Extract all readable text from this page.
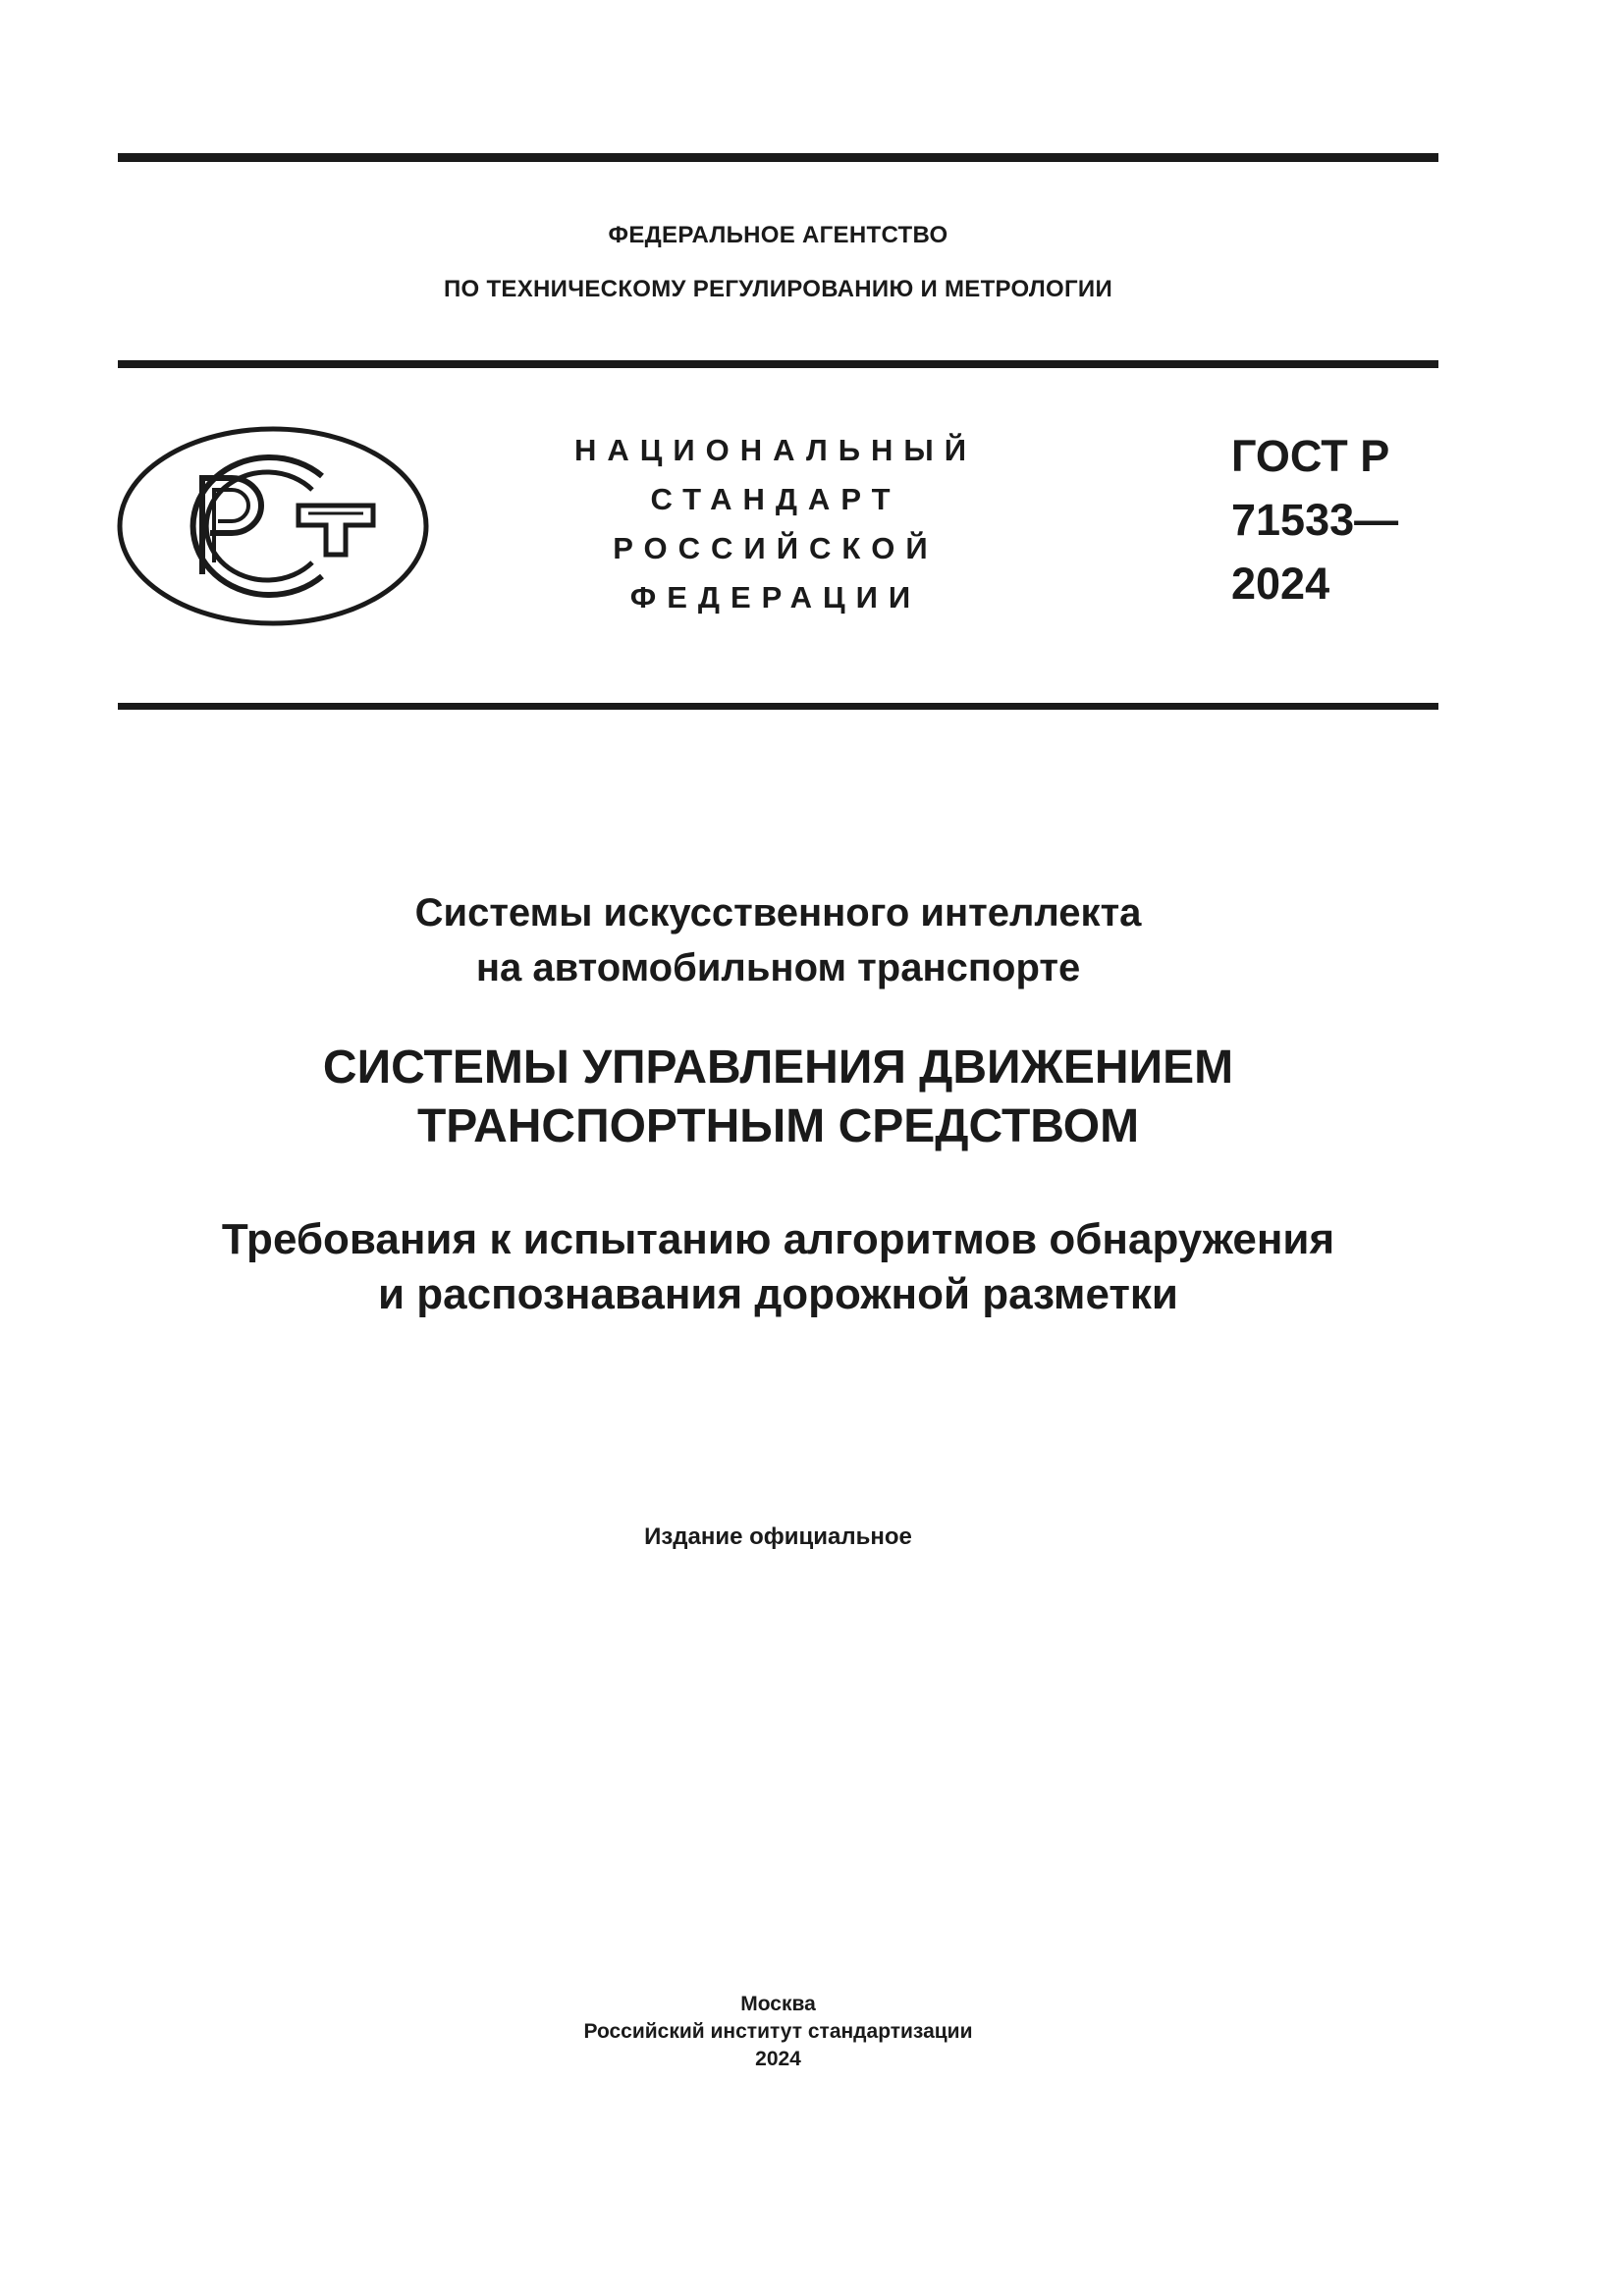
ФЕДЕРАЛЬНОЕ АГЕНТСТВО
ПО ТЕХНИЧЕСКОМУ РЕГУЛИРОВАНИЮ И МЕТРОЛОГИИ
НАЦИОНАЛЬНЫЙ
СТАНДАРТ
РОССИЙСКОЙ
ФЕДЕРАЦИИ
ГОСТ Р
71533—
2024
Системы искусственного интеллекта
на автомобильном транспорте
СИСТЕМЫ УПРАВЛЕНИЯ ДВИЖЕНИЕМ
ТРАНСПОРТНЫМ СРЕДСТВОМ
Требования к испытанию алгоритмов обнаружения
и распознавания дорожной разметки
Издание официальное
Москва
Российский институт стандартизации
2024
